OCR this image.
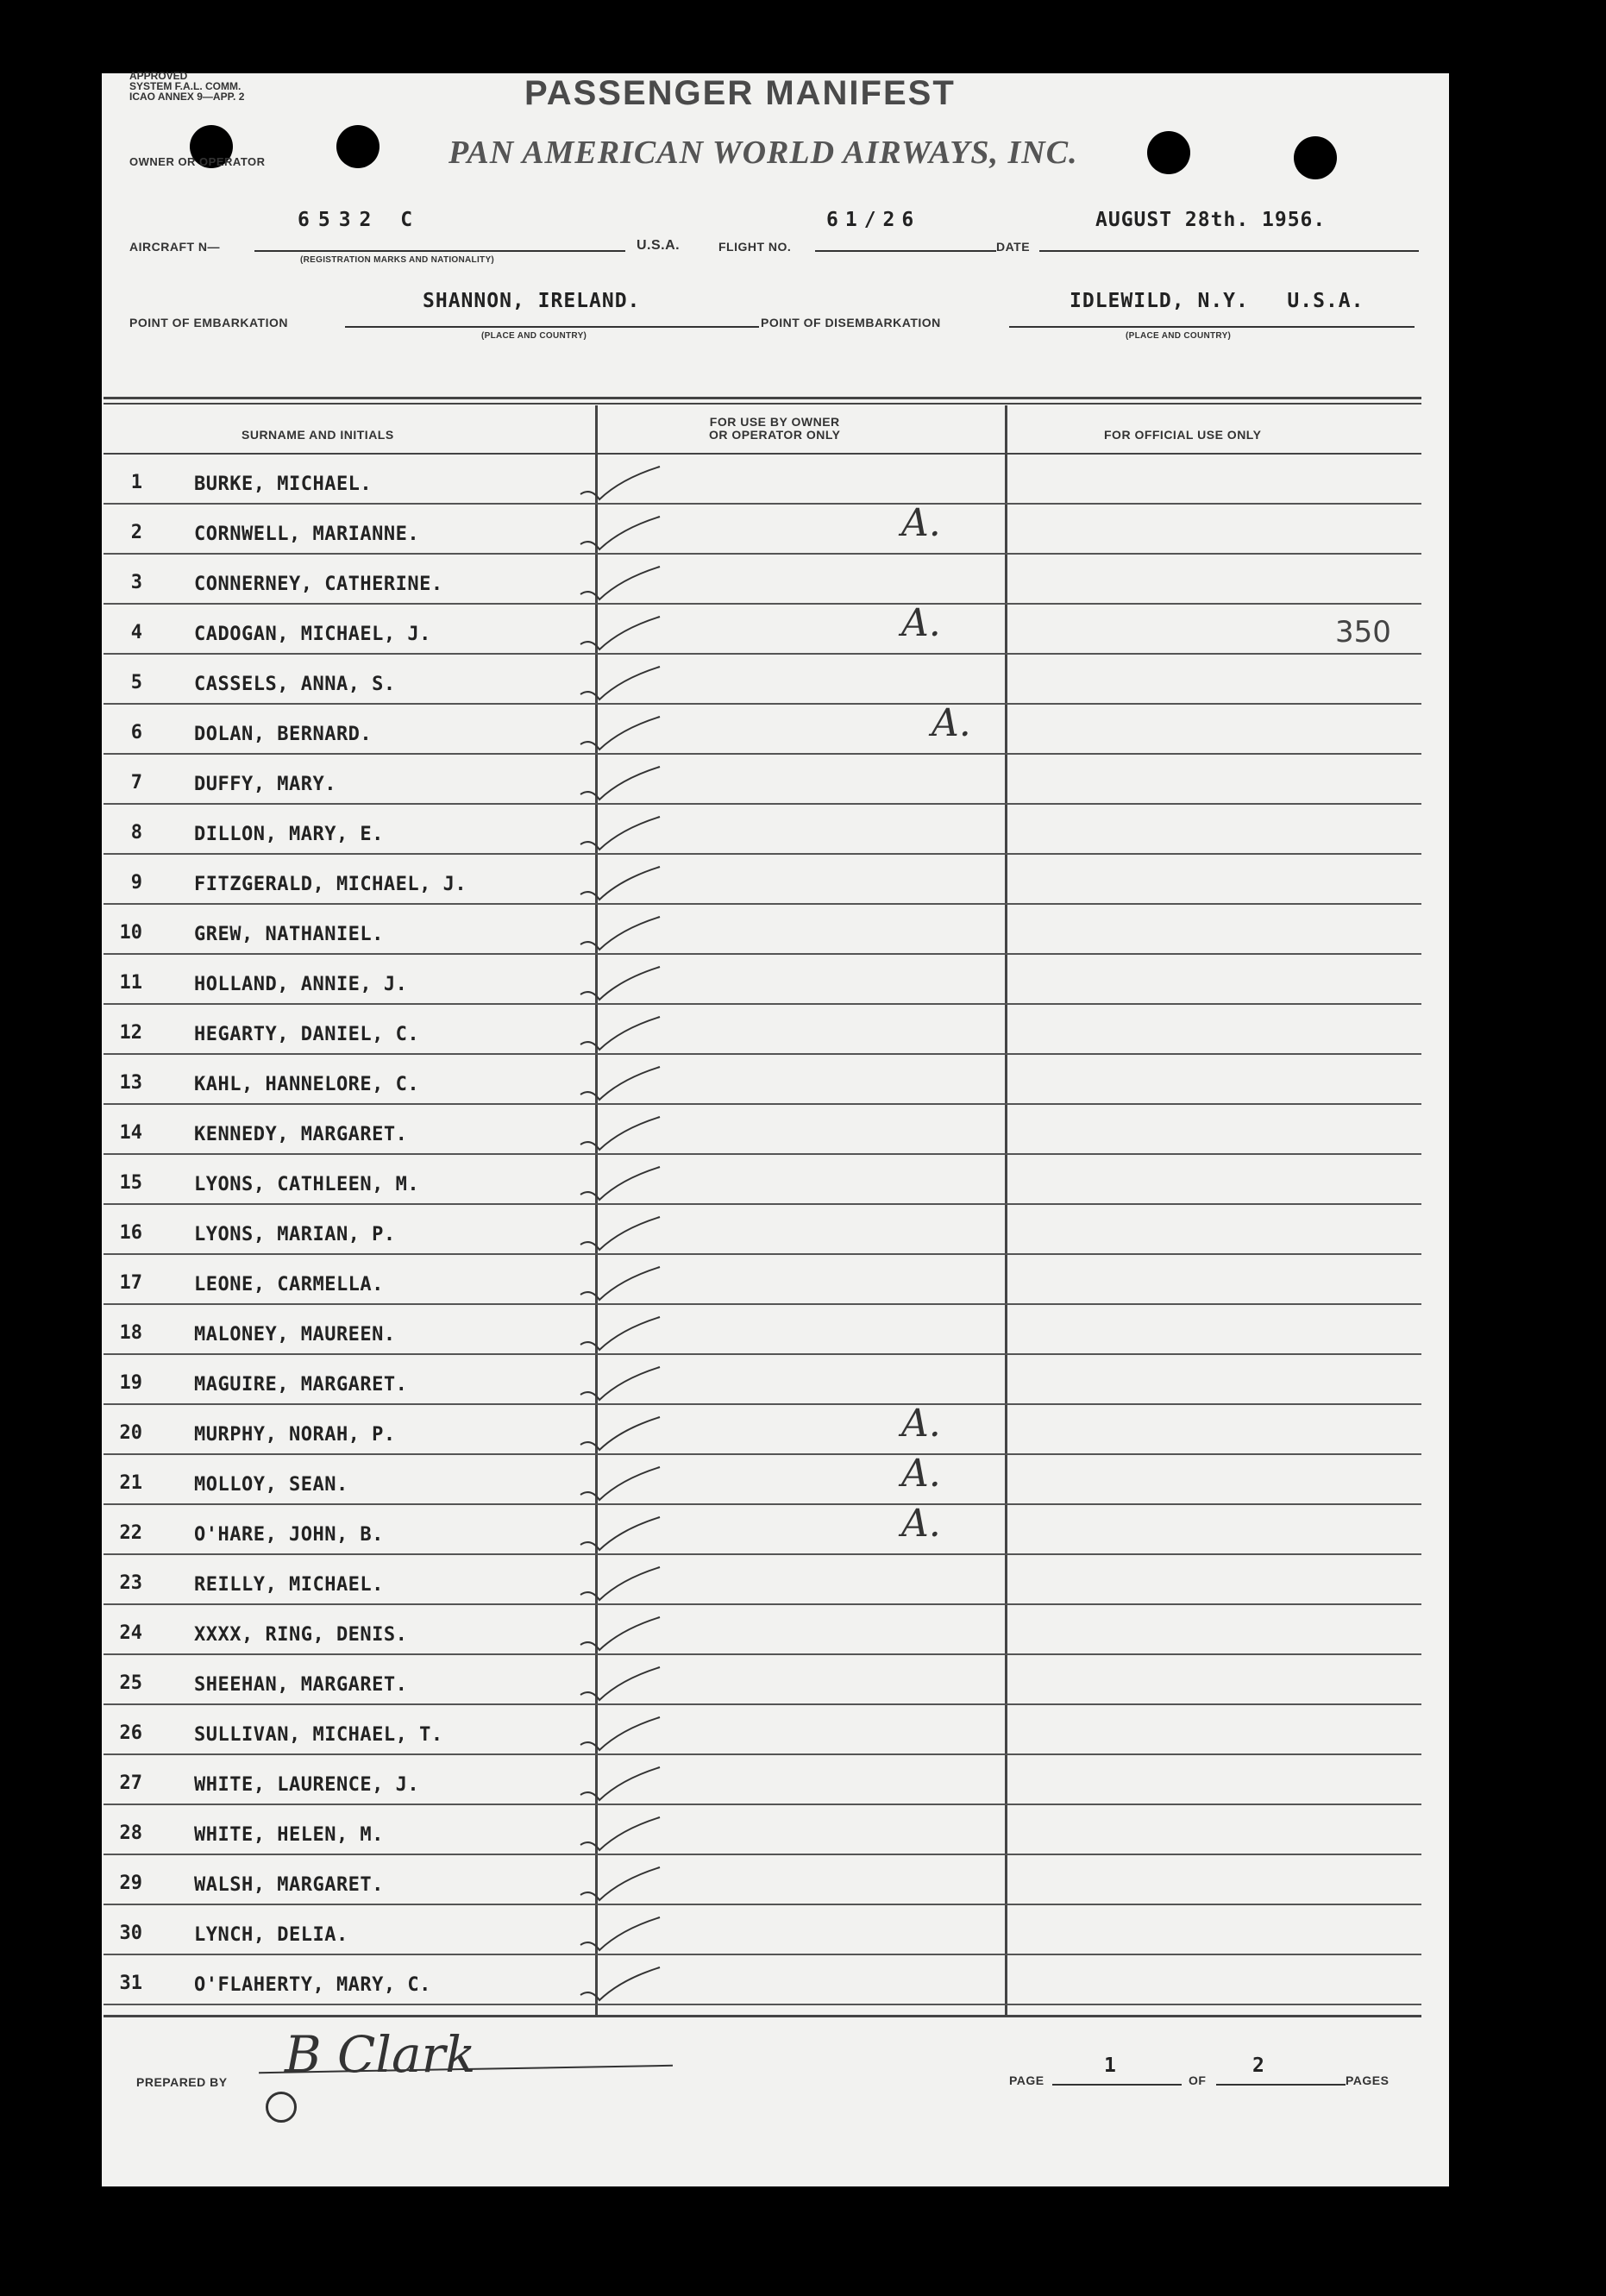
APPROVED
SYSTEM F.A.L. COMM.
ICAO ANNEX 9—APP. 2	PASSENGER MANIFEST
OWNER OR OPERATOR	PAN AMERICAN WORLD AIRWAYS, INC.
AIRCRAFT N—
6532 C
(REGISTRATION MARKS AND NATIONALITY)
U.S.A.	FLIGHT NO.
61/26
DATE
AUGUST 28th. 1956.
POINT OF EMBARKATION
SHANNON, IRELAND.
(PLACE AND COUNTRY)
POINT OF DISEMBARKATION
IDLEWILD, N.Y.   U.S.A.
(PLACE AND COUNTRY)
SURNAME AND INITIALS
FOR USE BY OWNER
OR OPERATOR ONLY	FOR OFFICIAL USE ONLY
1	BURKE, MICHAEL.
2	CORNWELL, MARIANNE.	A.
3	CONNERNEY, CATHERINE.
4	CADOGAN, MICHAEL, J.	A.	350
5	CASSELS, ANNA, S.
6	DOLAN, BERNARD.	A.
7	DUFFY, MARY.
8	DILLON, MARY, E.
9	FITZGERALD, MICHAEL, J.
10	GREW, NATHANIEL.
11	HOLLAND, ANNIE, J.
12	HEGARTY, DANIEL, C.
13	KAHL, HANNELORE, C.
14	KENNEDY, MARGARET.
15	LYONS, CATHLEEN, M.
16	LYONS, MARIAN, P.
17	LEONE, CARMELLA.
18	MALONEY, MAUREEN.
19	MAGUIRE, MARGARET.
20	MURPHY, NORAH, P.	A.
21	MOLLOY, SEAN.	A.
22	O'HARE, JOHN, B.	A.
23	REILLY, MICHAEL.
24	XXXX, RING, DENIS.
25	SHEEHAN, MARGARET.
26	SULLIVAN, MICHAEL, T.
27	WHITE, LAURENCE, J.
28	WHITE, HELEN, M.
29	WALSH, MARGARET.
30	LYNCH, DELIA.
31	O'FLAHERTY, MARY, C.
PREPARED BY B Clark	PAGE
1
OF
2
PAGES
